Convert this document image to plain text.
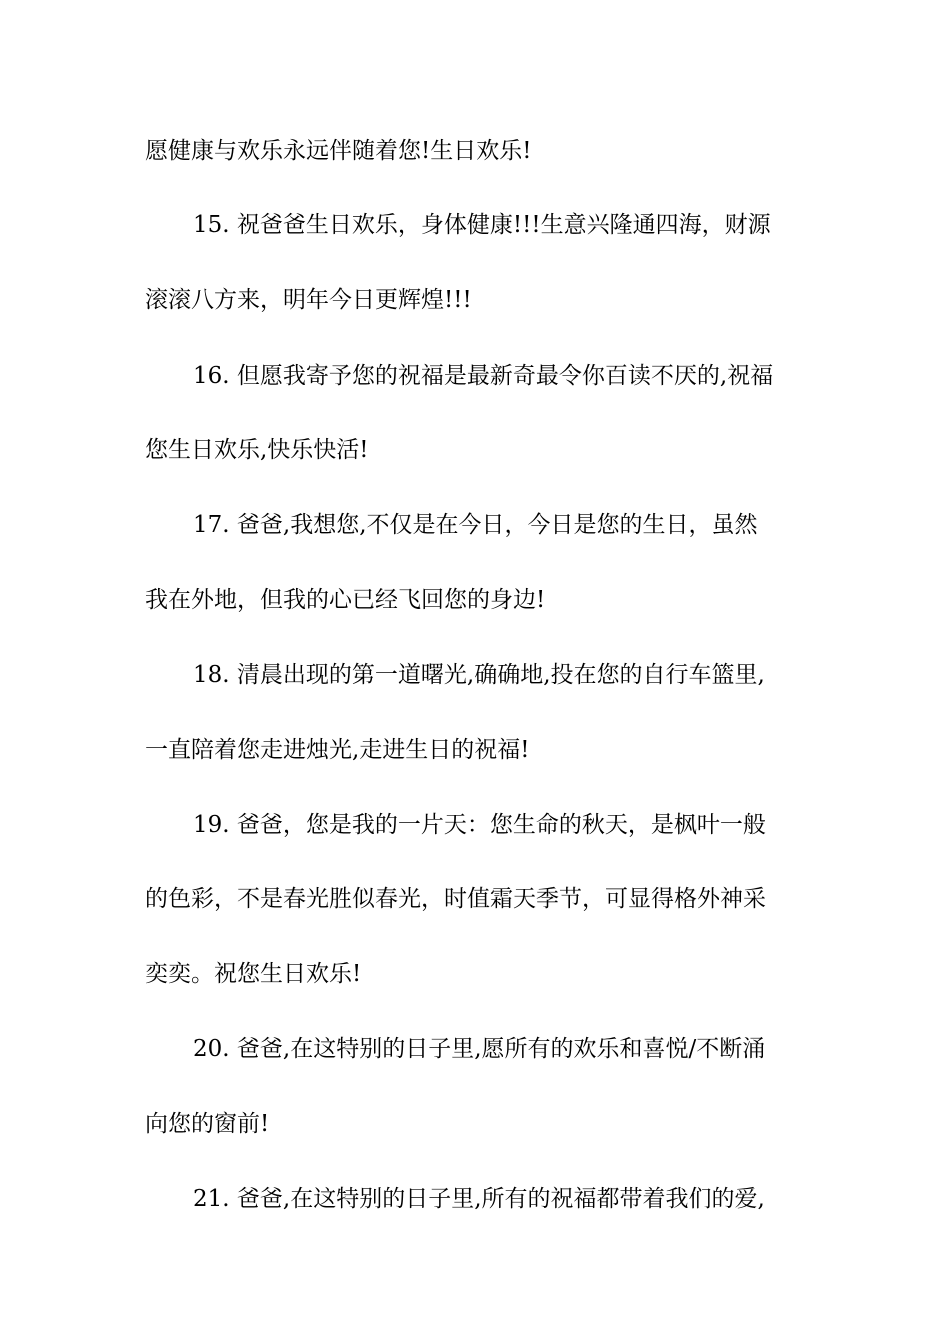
愿健康与欢乐永远伴随着您!生日欢乐!
15. 祝爸爸生日欢乐，身体健康!!!生意兴隆通四海，财源
滚滚八方来，明年今日更辉煌!!!
16. 但愿我寄予您的祝福是最新奇最令你百读不厌的,祝福
您生日欢乐,快乐快活!
17. 爸爸,我想您,不仅是在今日，今日是您的生日，虽然
我在外地，但我的心已经飞回您的身边!
18. 清晨出现的第一道曙光,确确地,投在您的自行车篮里,
一直陪着您走进烛光,走进生日的祝福!
19. 爸爸，您是我的一片天：您生命的秋天，是枫叶一般
的色彩，不是春光胜似春光，时值霜天季节，可显得格外神采
奕奕。祝您生日欢乐!
20. 爸爸,在这特别的日子里,愿所有的欢乐和喜悦/不断涌
向您的窗前!
21. 爸爸,在这特别的日子里,所有的祝福都带着我们的爱,
